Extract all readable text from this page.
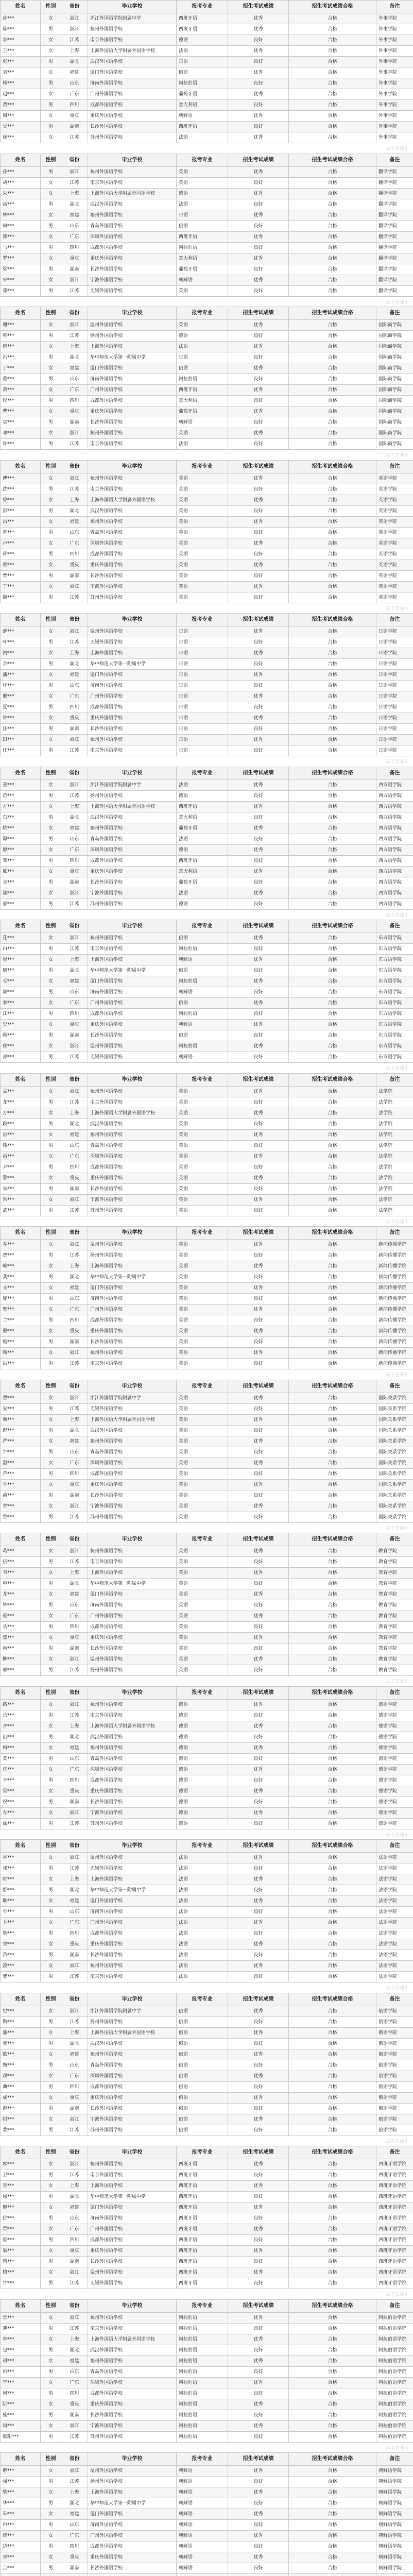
姓名	性别	省份	毕业学校	报考专业	招生考试成绩	招生考试成绩合格	备注
孙***	女	浙江	浙江外国语学院附属中学	西班牙语	优秀	合格	外事学院
陈***	男	浙江	杭州外国语学校	西班牙语	优秀	合格	外事学院
李***	女	江苏	南京外国语学校	德语	良好	合格	外事学院
王***	女	上海	上海外国语大学附属外国语学校	法语	优秀	合格	外事学院
张***	男	湖北	武汉外国语学校	日语	良好	合格	外事学院
刘***	女	福建	厦门外国语学校	俄语	优秀	合格	外事学院
杨***	男	山东	济南外国语学校	阿拉伯语	良好	合格	外事学院
赵***	女	广东	广州外国语学校	葡萄牙语	优秀	合格	外事学院
黄***	男	四川	成都外国语学校	意大利语	良好	合格	外事学院
周***	女	重庆	重庆外国语学校	朝鲜语	优秀	合格	外事学院
吴***	男	湖南	长沙外国语学校	西班牙语	良好	合格	外事学院
徐***	女	江苏	苏州外国语学校	法语	优秀	合格	外事学院
高考直通车
姓名	性别	省份	毕业学校	报考专业	招生考试成绩	招生考试成绩合格	备注
孙***	男	浙江	杭州外国语学校	英语	优秀	合格	翻译学院
胡***	女	江苏	南京外国语学校	英语	良好	合格	翻译学院
朱***	女	上海	上海外国语大学附属外国语学校	德语	优秀	合格	翻译学院
高***	男	湖北	武汉外国语学校	法语	良好	合格	翻译学院
林***	女	福建	福州外国语学校	日语	优秀	合格	翻译学院
何***	男	山东	青岛外国语学校	俄语	良好	合格	翻译学院
郭***	女	广东	深圳外国语学校	西班牙语	优秀	合格	翻译学院
马***	男	四川	成都外国语学校	阿拉伯语	良好	合格	翻译学院
罗***	女	重庆	重庆外国语学校	意大利语	优秀	合格	翻译学院
梁***	男	湖南	长沙外国语学校	葡萄牙语	良好	合格	翻译学院
宋***	女	浙江	宁波外国语学校	朝鲜语	优秀	合格	翻译学院
郑***	男	江苏	无锡外国语学校	英语	良好	合格	翻译学院
高考直通车
姓名	性别	省份	毕业学校	报考专业	招生考试成绩	招生考试成绩合格	备注
谢***	女	浙江	温州外国语学校	英语	优秀	合格	国际商学院
韩***	男	江苏	扬州外国语学校	德语	良好	合格	国际商学院
唐***	女	上海	上海外国语学校	法语	优秀	合格	国际商学院
冯***	男	湖北	华中师范大学第一附属中学	日语	良好	合格	国际商学院
于***	女	福建	厦门外国语学校	俄语	优秀	合格	国际商学院
董***	男	山东	济南外国语学校	阿拉伯语	良好	合格	国际商学院
萧***	女	广东	广州外国语学校	西班牙语	优秀	合格	国际商学院
程***	男	四川	成都外国语学校	意大利语	良好	合格	国际商学院
曹***	女	重庆	重庆外国语学校	葡萄牙语	优秀	合格	国际商学院
袁***	男	湖南	长沙外国语学校	朝鲜语	良好	合格	国际商学院
邓***	女	浙江	杭州外国语学校	英语	优秀	合格	国际商学院
许***	男	江苏	南京外国语学校	法语	良好	合格	国际商学院
高考直通车
姓名	性别	省份	毕业学校	报考专业	招生考试成绩	招生考试成绩合格	备注
傅***	女	浙江	杭州外国语学校	英语	优秀	合格	英语学院
沈***	男	江苏	南京外国语学校	英语	良好	合格	英语学院
曾***	女	上海	上海外国语大学附属外国语学校	英语	优秀	合格	英语学院
彭***	男	湖北	武汉外国语学校	英语	良好	合格	英语学院
吕***	女	福建	福州外国语学校	英语	优秀	合格	英语学院
苏***	男	山东	青岛外国语学校	英语	良好	合格	英语学院
卢***	女	广东	深圳外国语学校	英语	优秀	合格	英语学院
蒋***	男	四川	成都外国语学校	英语	良好	合格	英语学院
蔡***	女	重庆	重庆外国语学校	英语	优秀	合格	英语学院
贾***	男	湖南	长沙外国语学校	英语	良好	合格	英语学院
丁***	女	浙江	宁波外国语学校	英语	优秀	合格	英语学院
魏***	男	江苏	苏州外国语学校	英语	良好	合格	英语学院
高考直通车
姓名	性别	省份	毕业学校	报考专业	招生考试成绩	招生考试成绩合格	备注
薛***	女	浙江	温州外国语学校	日语	优秀	合格	日语学院
叶***	男	江苏	无锡外国语学校	日语	良好	合格	日语学院
阎***	女	上海	上海外国语学校	日语	优秀	合格	日语学院
余***	男	湖北	华中师范大学第一附属中学	日语	良好	合格	日语学院
潘***	女	福建	厦门外国语学校	日语	优秀	合格	日语学院
杜***	男	山东	济南外国语学校	日语	良好	合格	日语学院
戴***	女	广东	广州外国语学校	日语	优秀	合格	日语学院
夏***	男	四川	成都外国语学校	日语	良好	合格	日语学院
钟***	女	重庆	重庆外国语学校	日语	优秀	合格	日语学院
汪***	男	湖南	长沙外国语学校	日语	良好	合格	日语学院
田***	女	浙江	杭州外国语学校	日语	优秀	合格	日语学院
任***	男	江苏	南京外国语学校	日语	良好	合格	日语学院
高考直通车
姓名	性别	省份	毕业学校	报考专业	招生考试成绩	招生考试成绩合格	备注
姜***	女	浙江	浙江外国语学院附属中学	法语	优秀	合格	西方语学院
范***	男	江苏	扬州外国语学校	德语	良好	合格	西方语学院
方***	女	上海	上海外国语大学附属外国语学校	西班牙语	优秀	合格	西方语学院
石***	男	湖北	武汉外国语学校	意大利语	良好	合格	西方语学院
姚***	女	福建	福州外国语学校	葡萄牙语	优秀	合格	西方语学院
谭***	男	山东	青岛外国语学校	法语	良好	合格	西方语学院
廖***	女	广东	深圳外国语学校	德语	优秀	合格	西方语学院
邹***	男	四川	成都外国语学校	西班牙语	良好	合格	西方语学院
熊***	女	重庆	重庆外国语学校	意大利语	优秀	合格	西方语学院
金***	男	湖南	长沙外国语学校	葡萄牙语	良好	合格	西方语学院
陆***	女	浙江	宁波外国语学校	法语	优秀	合格	西方语学院
郝***	男	江苏	苏州外国语学校	德语	良好	合格	西方语学院
高考直通车
姓名	性别	省份	毕业学校	报考专业	招生考试成绩	招生考试成绩合格	备注
孔***	女	浙江	杭州外国语学校	俄语	优秀	合格	东方语学院
白***	男	江苏	南京外国语学校	阿拉伯语	良好	合格	东方语学院
崔***	女	上海	上海外国语学校	朝鲜语	优秀	合格	东方语学院
康***	男	湖北	华中师范大学第一附属中学	俄语	良好	合格	东方语学院
毛***	女	福建	厦门外国语学校	阿拉伯语	优秀	合格	东方语学院
邱***	男	山东	济南外国语学校	朝鲜语	良好	合格	东方语学院
秦***	女	广东	广州外国语学校	俄语	优秀	合格	东方语学院
江***	男	四川	成都外国语学校	阿拉伯语	良好	合格	东方语学院
史***	女	重庆	重庆外国语学校	朝鲜语	优秀	合格	东方语学院
顾***	男	湖南	长沙外国语学校	俄语	良好	合格	东方语学院
侯***	女	浙江	温州外国语学校	阿拉伯语	优秀	合格	东方语学院
邵***	男	江苏	无锡外国语学校	朝鲜语	良好	合格	东方语学院
高考直通车
姓名	性别	省份	毕业学校	报考专业	招生考试成绩	招生考试成绩合格	备注
孟***	女	浙江	杭州外国语学校	英语	优秀	合格	法学院
龙***	男	江苏	南京外国语学校	英语	良好	合格	法学院
万***	女	上海	上海外国语大学附属外国语学校	英语	优秀	合格	法学院
段***	男	湖北	武汉外国语学校	英语	良好	合格	法学院
雷***	女	福建	福州外国语学校	英语	优秀	合格	法学院
钱***	男	山东	青岛外国语学校	英语	良好	合格	法学院
汤***	女	广东	深圳外国语学校	英语	优秀	合格	法学院
尹***	男	四川	成都外国语学校	英语	良好	合格	法学院
黎***	女	重庆	重庆外国语学校	英语	优秀	合格	法学院
易***	男	湖南	长沙外国语学校	英语	良好	合格	法学院
常***	女	浙江	宁波外国语学校	英语	优秀	合格	法学院
武***	男	江苏	苏州外国语学校	英语	良好	合格	法学院
高考直通车
姓名	性别	省份	毕业学校	报考专业	招生考试成绩	招生考试成绩合格	备注
乔***	女	浙江	温州外国语学校	英语	优秀	合格	新闻传播学院
贺***	男	江苏	扬州外国语学校	英语	良好	合格	新闻传播学院
赖***	女	上海	上海外国语学校	英语	优秀	合格	新闻传播学院
龚***	男	湖北	华中师范大学第一附属中学	英语	良好	合格	新闻传播学院
文***	女	福建	厦门外国语学校	英语	优秀	合格	新闻传播学院
庞***	男	山东	济南外国语学校	英语	良好	合格	新闻传播学院
樊***	女	广东	广州外国语学校	英语	优秀	合格	新闻传播学院
兰***	男	四川	成都外国语学校	英语	良好	合格	新闻传播学院
殷***	女	重庆	重庆外国语学校	英语	优秀	合格	新闻传播学院
施***	男	湖南	长沙外国语学校	英语	良好	合格	新闻传播学院
陶***	女	浙江	杭州外国语学校	英语	优秀	合格	新闻传播学院
洪***	男	江苏	南京外国语学校	英语	良好	合格	新闻传播学院
高考直通车
姓名	性别	省份	毕业学校	报考专业	招生考试成绩	招生考试成绩合格	备注
翟***	女	浙江	浙江外国语学院附属中学	英语	优秀	合格	国际关系学院
安***	男	江苏	无锡外国语学校	英语	良好	合格	国际关系学院
颜***	女	上海	上海外国语大学附属外国语学校	英语	优秀	合格	国际关系学院
倪***	男	湖北	武汉外国语学校	英语	良好	合格	国际关系学院
严***	女	福建	福州外国语学校	英语	优秀	合格	国际关系学院
牛***	男	山东	青岛外国语学校	英语	良好	合格	国际关系学院
温***	女	广东	深圳外国语学校	英语	优秀	合格	国际关系学院
芦***	男	四川	成都外国语学校	英语	良好	合格	国际关系学院
季***	女	重庆	重庆外国语学校	英语	优秀	合格	国际关系学院
俞***	男	湖南	长沙外国语学校	英语	良好	合格	国际关系学院
章***	女	浙江	宁波外国语学校	英语	优秀	合格	国际关系学院
鲁***	男	江苏	苏州外国语学校	英语	良好	合格	国际关系学院
高考直通车
姓名	性别	省份	毕业学校	报考专业	招生考试成绩	招生考试成绩合格	备注
葛***	女	浙江	杭州外国语学校	英语	优秀	合格	教育学院
伍***	男	江苏	南京外国语学校	英语	良好	合格	教育学院
韦***	女	上海	上海外国语学校	英语	优秀	合格	教育学院
申***	男	湖北	华中师范大学第一附属中学	英语	良好	合格	教育学院
尤***	女	福建	厦门外国语学校	英语	优秀	合格	教育学院
毕***	男	山东	济南外国语学校	英语	良好	合格	教育学院
聂***	女	广东	广州外国语学校	英语	优秀	合格	教育学院
丛***	男	四川	成都外国语学校	英语	良好	合格	教育学院
焦***	女	重庆	重庆外国语学校	英语	优秀	合格	教育学院
向***	男	湖南	长沙外国语学校	英语	良好	合格	教育学院
柳***	女	浙江	温州外国语学校	英语	优秀	合格	教育学院
邢***	男	江苏	扬州外国语学校	英语	良好	合格	教育学院
高考直通车
姓名	性别	省份	毕业学校	报考专业	招生考试成绩	招生考试成绩合格	备注
路***	女	浙江	杭州外国语学校	德语	优秀	合格	德语学院
岳***	男	江苏	南京外国语学校	德语	良好	合格	德语学院
齐***	女	上海	上海外国语大学附属外国语学校	德语	优秀	合格	德语学院
沿***	男	湖北	武汉外国语学校	德语	良好	合格	德语学院
梅***	女	福建	福州外国语学校	德语	优秀	合格	德语学院
莫***	男	山东	青岛外国语学校	德语	良好	合格	德语学院
庄***	女	广东	深圳外国语学校	德语	优秀	合格	德语学院
辛***	男	四川	成都外国语学校	德语	良好	合格	德语学院
管***	女	重庆	重庆外国语学校	德语	优秀	合格	德语学院
祝***	男	湖南	长沙外国语学校	德语	良好	合格	德语学院
左***	女	浙江	宁波外国语学校	德语	优秀	合格	德语学院
涂***	男	江苏	苏州外国语学校	德语	良好	合格	德语学院
高考直通车
姓名	性别	省份	毕业学校	报考专业	招生考试成绩	招生考试成绩合格	备注
谷***	女	浙江	温州外国语学校	法语	优秀	合格	法语学院
祁***	男	江苏	无锡外国语学校	法语	良好	合格	法语学院
时***	女	上海	上海外国语学校	法语	优秀	合格	法语学院
舒***	男	湖北	华中师范大学第一附属中学	法语	良好	合格	法语学院
耿***	女	福建	厦门外国语学校	法语	优秀	合格	法语学院
牟***	男	山东	济南外国语学校	法语	良好	合格	法语学院
卜***	女	广东	广州外国语学校	法语	优秀	合格	法语学院
詹***	男	四川	成都外国语学校	法语	良好	合格	法语学院
关***	女	重庆	重庆外国语学校	法语	优秀	合格	法语学院
苗***	男	湖南	长沙外国语学校	法语	良好	合格	法语学院
凌***	女	浙江	杭州外国语学校	法语	优秀	合格	法语学院
费***	男	江苏	南京外国语学校	法语	良好	合格	法语学院
高考直通车
姓名	性别	省份	毕业学校	报考专业	招生考试成绩	招生考试成绩合格	备注
纪***	女	浙江	浙江外国语学院附属中学	俄语	优秀	合格	俄语学院
靳***	男	江苏	扬州外国语学校	俄语	良好	合格	俄语学院
盛***	女	上海	上海外国语大学附属外国语学校	俄语	优秀	合格	俄语学院
童***	男	湖北	武汉外国语学校	俄语	良好	合格	俄语学院
欧***	女	福建	福州外国语学校	俄语	优秀	合格	俄语学院
甄***	男	山东	青岛外国语学校	俄语	良好	合格	俄语学院
项***	女	广东	深圳外国语学校	俄语	优秀	合格	俄语学院
曲***	男	四川	成都外国语学校	俄语	良好	合格	俄语学院
成***	女	重庆	重庆外国语学校	俄语	优秀	合格	俄语学院
游***	男	湖南	长沙外国语学校	俄语	良好	合格	俄语学院
阳***	女	浙江	宁波外国语学校	俄语	优秀	合格	俄语学院
裴***	男	江苏	苏州外国语学校	俄语	良好	合格	俄语学院
高考直通车
姓名	性别	省份	毕业学校	报考专业	招生考试成绩	招生考试成绩合格	备注
席***	女	浙江	杭州外国语学校	西班牙语	优秀	合格	西班牙语学院
卫***	男	江苏	南京外国语学校	西班牙语	良好	合格	西班牙语学院
查***	女	上海	上海外国语学校	西班牙语	优秀	合格	西班牙语学院
屈***	男	湖北	华中师范大学第一附属中学	西班牙语	良好	合格	西班牙语学院
鲍***	女	福建	厦门外国语学校	西班牙语	优秀	合格	西班牙语学院
位***	男	山东	济南外国语学校	西班牙语	良好	合格	西班牙语学院
覃***	女	广东	广州外国语学校	西班牙语	优秀	合格	西班牙语学院
霍***	男	四川	成都外国语学校	西班牙语	良好	合格	西班牙语学院
翁***	女	重庆	重庆外国语学校	西班牙语	优秀	合格	西班牙语学院
隋***	男	湖南	长沙外国语学校	西班牙语	良好	合格	西班牙语学院
植***	女	浙江	温州外国语学校	西班牙语	优秀	合格	西班牙语学院
甘***	男	江苏	无锡外国语学校	西班牙语	良好	合格	西班牙语学院
高考直通车
姓名	性别	省份	毕业学校	报考专业	招生考试成绩	招生考试成绩合格	备注
景***	女	浙江	杭州外国语学校	阿拉伯语	优秀	合格	阿拉伯语学院
薄***	男	江苏	南京外国语学校	阿拉伯语	良好	合格	阿拉伯语学院
单***	女	上海	上海外国语大学附属外国语学校	阿拉伯语	优秀	合格	阿拉伯语学院
包***	男	湖北	武汉外国语学校	阿拉伯语	良好	合格	阿拉伯语学院
司***	女	福建	福州外国语学校	阿拉伯语	优秀	合格	阿拉伯语学院
柏***	男	山东	青岛外国语学校	阿拉伯语	良好	合格	阿拉伯语学院
宁***	女	广东	深圳外国语学校	阿拉伯语	优秀	合格	阿拉伯语学院
柯***	男	四川	成都外国语学校	阿拉伯语	良好	合格	阿拉伯语学院
阮***	女	重庆	重庆外国语学校	阿拉伯语	优秀	合格	阿拉伯语学院
桂***	男	湖南	长沙外国语学校	阿拉伯语	良好	合格	阿拉伯语学院
闵***	女	浙江	宁波外国语学校	阿拉伯语	优秀	合格	阿拉伯语学院
欧阳***	男	江苏	苏州外国语学校	阿拉伯语	良好	合格	阿拉伯语学院
高考直通车
姓名	性别	省份	毕业学校	报考专业	招生考试成绩	招生考试成绩合格	备注
解***	女	浙江	温州外国语学校	朝鲜语	优秀	合格	朝鲜语学院
强***	男	江苏	扬州外国语学校	朝鲜语	良好	合格	朝鲜语学院
柴***	女	上海	上海外国语学校	朝鲜语	优秀	合格	朝鲜语学院
华***	男	湖北	华中师范大学第一附属中学	朝鲜语	良好	合格	朝鲜语学院
车***	女	福建	厦门外国语学校	朝鲜语	优秀	合格	朝鲜语学院
冉***	男	山东	济南外国语学校	朝鲜语	良好	合格	朝鲜语学院
房***	女	广东	广州外国语学校	朝鲜语	优秀	合格	朝鲜语学院
边***	男	四川	成都外国语学校	朝鲜语	良好	合格	朝鲜语学院
辜***	女	重庆	重庆外国语学校	朝鲜语	优秀	合格	朝鲜语学院
吉***	男	湖南	长沙外国语学校	朝鲜语	良好	合格	朝鲜语学院
